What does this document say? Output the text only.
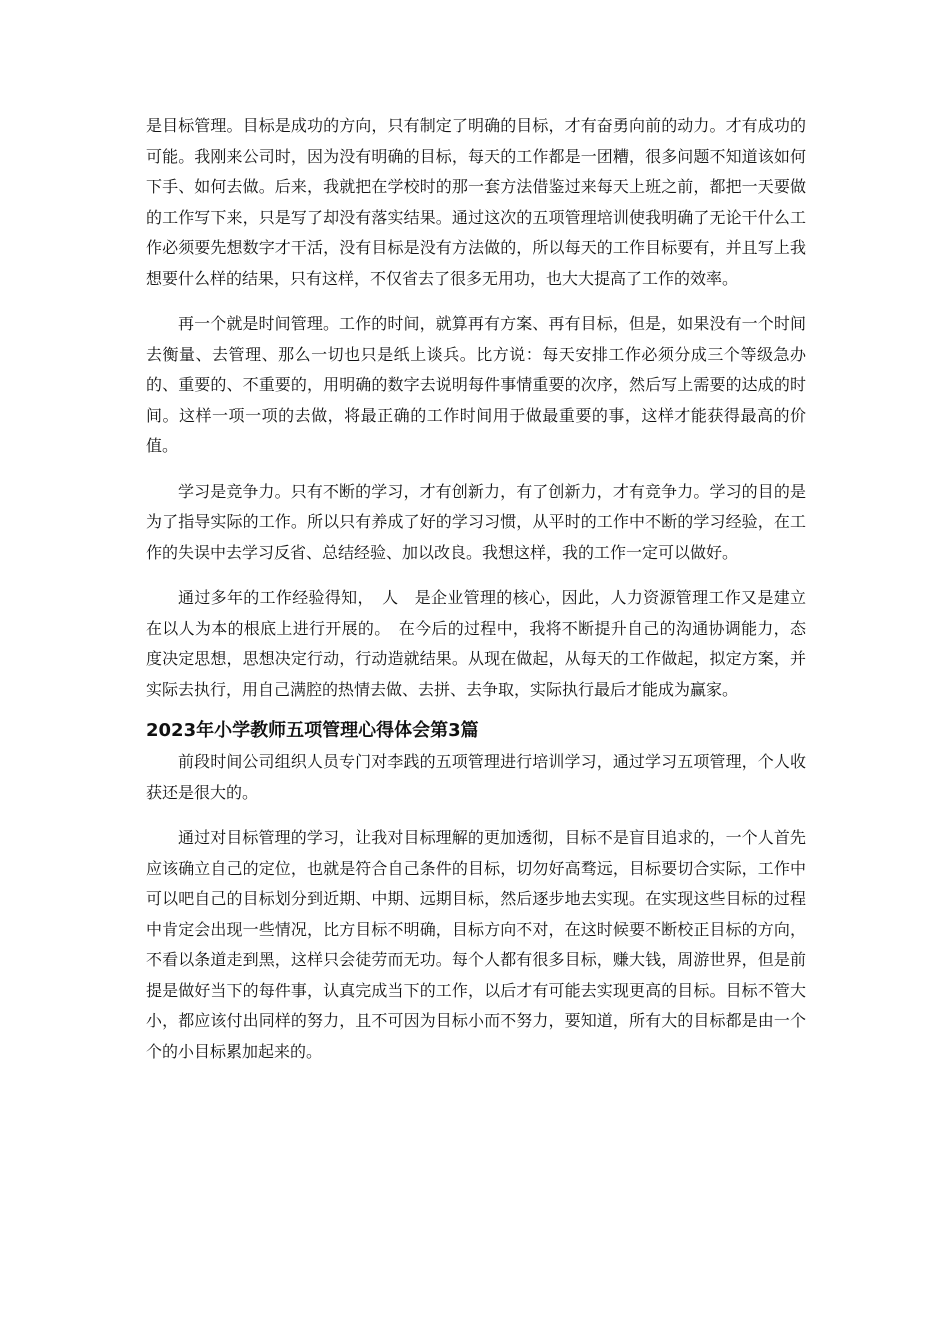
是目标管理。目标是成功的方向，只有制定了明确的目标，才有奋勇向前的动力。才有成功的可能。我刚来公司时，因为没有明确的目标，每天的工作都是一团糟，很多问题不知道该如何下手、如何去做。后来，我就把在学校时的那一套方法借鉴过来每天上班之前，都把一天要做的工作写下来，只是写了却没有落实结果。通过这次的五项管理培训使我明确了无论干什么工作必须要先想数字才干活，没有目标是没有方法做的，所以每天的工作目标要有，并且写上我想要什么样的结果，只有这样，不仅省去了很多无用功，也大大提高了工作的效率。

再一个就是时间管理。工作的时间，就算再有方案、再有目标，但是，如果没有一个时间去衡量、去管理、那么一切也只是纸上谈兵。比方说：每天安排工作必须分成三个等级急办的、重要的、不重要的，用明确的数字去说明每件事情重要的次序，然后写上需要的达成的时间。这样一项一项的去做，将最正确的工作时间用于做最重要的事，这样才能获得最高的价值。

学习是竞争力。只有不断的学习，才有创新力，有了创新力，才有竞争力。学习的目的是为了指导实际的工作。所以只有养成了好的学习习惯，从平时的工作中不断的学习经验，在工作的失误中去学习反省、总结经验、加以改良。我想这样，我的工作一定可以做好。

通过多年的工作经验得知，　人　是企业管理的核心，因此，人力资源管理工作又是建立在以人为本的根底上进行开展的。　在今后的过程中，我将不断提升自己的沟通协调能力，态度决定思想，思想决定行动，行动造就结果。从现在做起，从每天的工作做起，拟定方案，并实际去执行，用自己满腔的热情去做、去拼、去争取，实际执行最后才能成为赢家。

2023年小学教师五项管理心得体会第3篇

前段时间公司组织人员专门对李践的五项管理进行培训学习，通过学习五项管理，个人收获还是很大的。

通过对目标管理的学习，让我对目标理解的更加透彻，目标不是盲目追求的，一个人首先应该确立自己的定位，也就是符合自己条件的目标，切勿好高骛远，目标要切合实际，工作中可以吧自己的目标划分到近期、中期、远期目标，然后逐步地去实现。在实现这些目标的过程中肯定会出现一些情况，比方目标不明确，目标方向不对，在这时候要不断校正目标的方向，不看以条道走到黑，这样只会徒劳而无功。每个人都有很多目标，赚大钱，周游世界，但是前提是做好当下的每件事，认真完成当下的工作，以后才有可能去实现更高的目标。目标不管大小，都应该付出同样的努力，且不可因为目标小而不努力，要知道，所有大的目标都是由一个个的小目标累加起来的。
